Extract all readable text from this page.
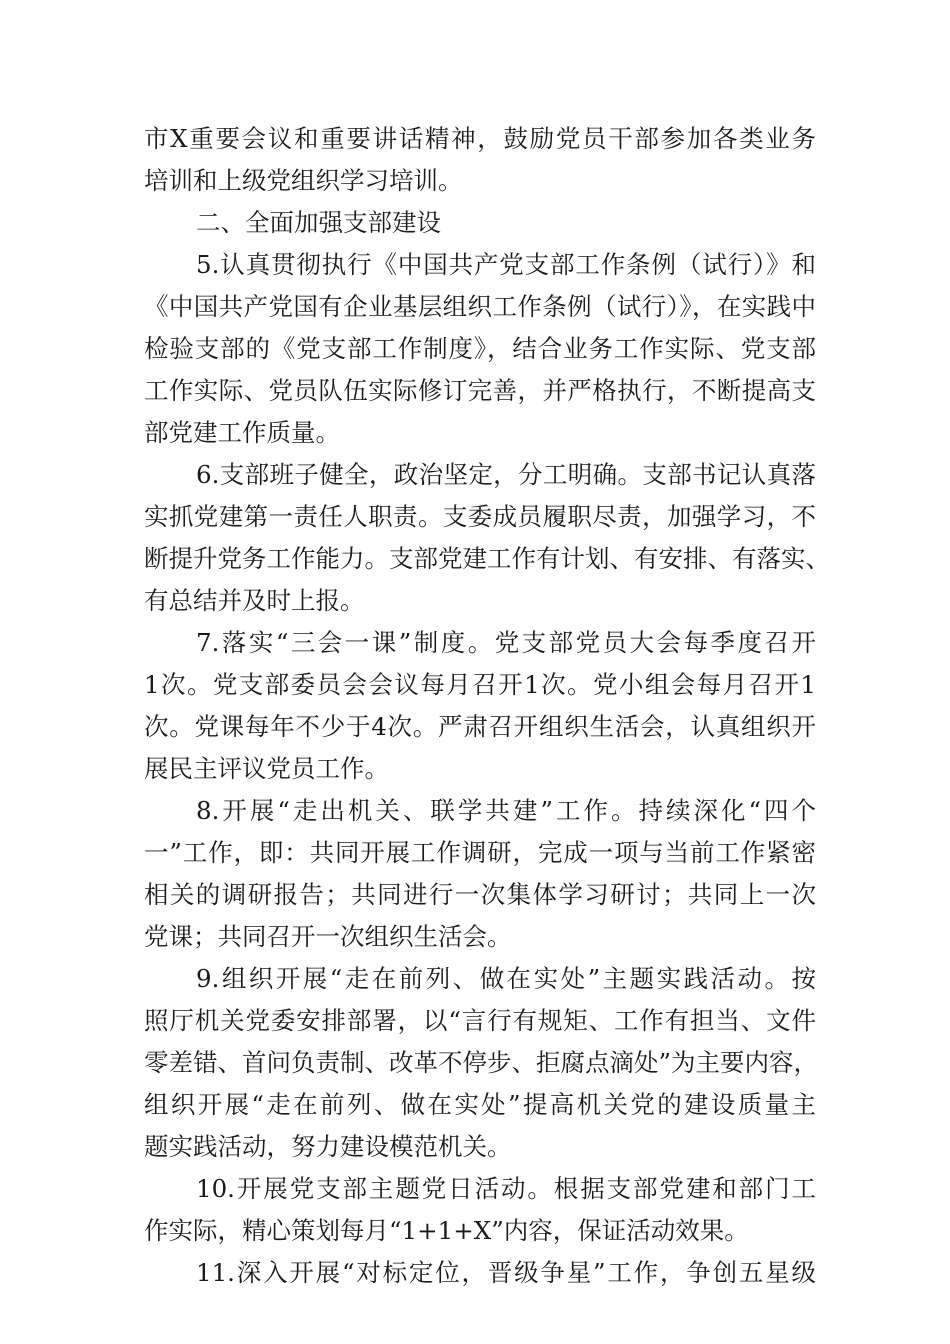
市X重要会议和重要讲话精神，鼓励党员干部参加各类业务
培训和上级党组织学习培训。
二、全面加强支部建设
5.认真贯彻执行《中国共产党支部工作条例（试行）》和
《中国共产党国有企业基层组织工作条例（试行）》，在实践中
检验支部的《党支部工作制度》，结合业务工作实际、党支部
工作实际、党员队伍实际修订完善，并严格执行，不断提高支
部党建工作质量。
6.支部班子健全，政治坚定，分工明确。支部书记认真落
实抓党建第一责任人职责。支委成员履职尽责，加强学习，不
断提升党务工作能力。支部党建工作有计划、有安排、有落实、
有总结并及时上报。
7.落实“三会一课”制度。党支部党员大会每季度召开
1次。党支部委员会会议每月召开1次。党小组会每月召开1
次。党课每年不少于4次。严肃召开组织生活会，认真组织开
展民主评议党员工作。
8.开展“走出机关、联学共建”工作。持续深化“四个
一”工作，即：共同开展工作调研，完成一项与当前工作紧密
相关的调研报告；共同进行一次集体学习研讨；共同上一次
党课；共同召开一次组织生活会。
9.组织开展“走在前列、做在实处”主题实践活动。按
照厅机关党委安排部署，以“言行有规矩、工作有担当、文件
零差错、首问负责制、改革不停步、拒腐点滴处”为主要内容，
组织开展“走在前列、做在实处”提高机关党的建设质量主
题实践活动，努力建设模范机关。
10.开展党支部主题党日活动。根据支部党建和部门工
作实际，精心策划每月“1+1+X”内容，保证活动效果。
11.深入开展“对标定位，晋级争星”工作，争创五星级
